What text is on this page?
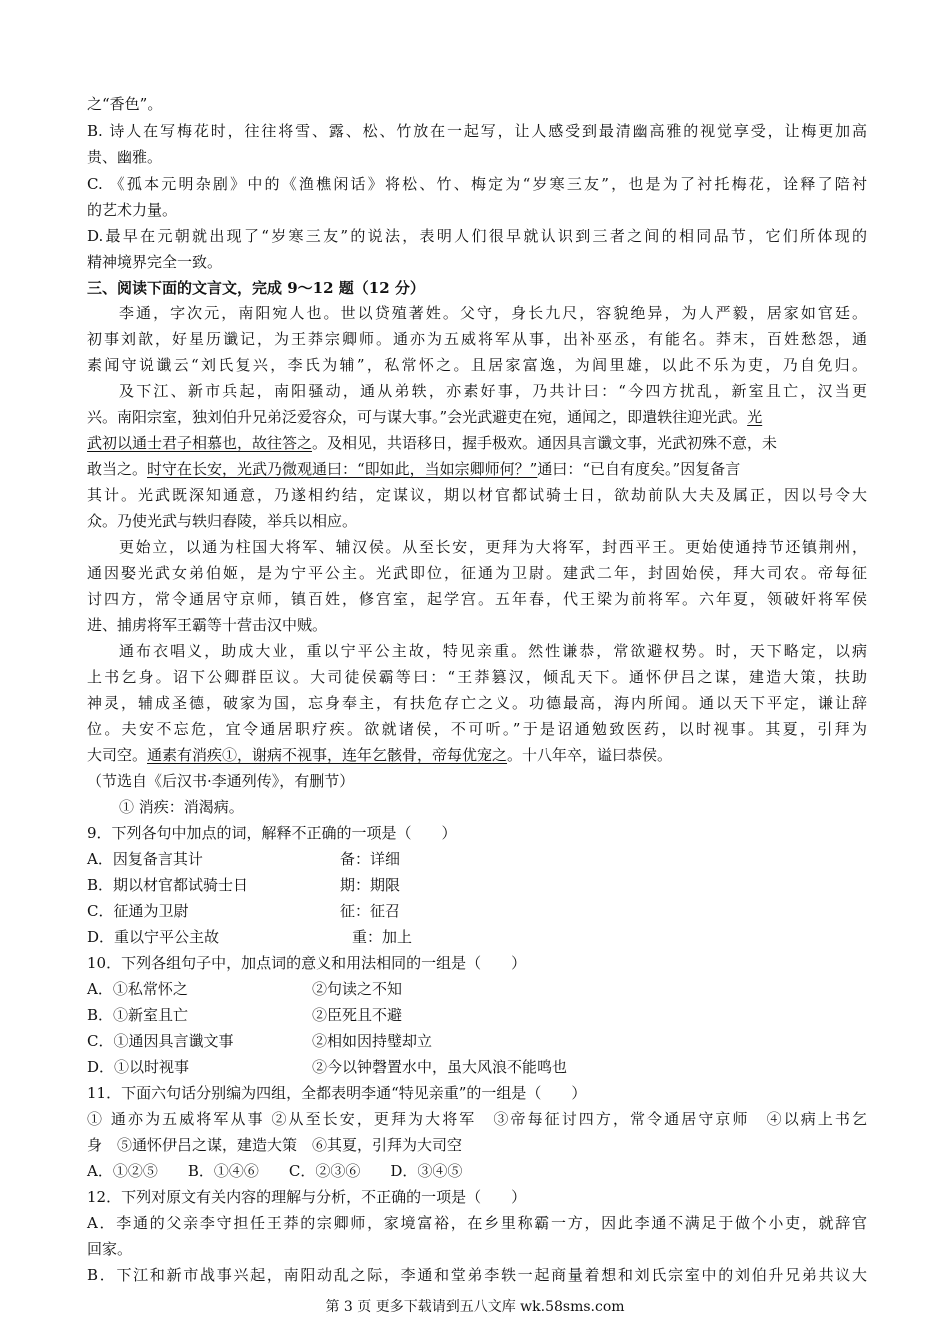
之“香色”。
B. 诗人在写梅花时，往往将雪、露、松、竹放在一起写，让人感受到最清幽高雅的视觉享受，让梅更加高
贵、幽雅。
C. 《孤本元明杂剧》中的《渔樵闲话》将松、竹、梅定为“岁寒三友”，也是为了衬托梅花，诠释了陪衬
的艺术力量。
D.最早在元朝就出现了“岁寒三友”的说法，表明人们很早就认识到三者之间的相同品节，它们所体现的
精神境界完全一致。
三、阅读下面的文言文，完成 9～12 题（12 分）
李通，字次元，南阳宛人也。世以贷殖著姓。父守，身长九尺，容貌绝异，为人严毅，居家如官廷。
初事刘歆，好星历谶记，为王莽宗卿师。通亦为五威将军从事，出补巫丞，有能名。莽末，百姓愁怨，通
素闻守说谶云“刘氏复兴，李氏为辅”，私常怀之。且居家富逸，为闾里雄，以此不乐为吏，乃自免归。
及下江、新市兵起，南阳骚动，通从弟轶，亦素好事，乃共计曰：“今四方扰乱，新室且亡，汉当更
兴。南阳宗室，独刘伯升兄弟泛爱容众，可与谋大事。”会光武避吏在宛，通闻之，即遣轶往迎光武。光
武初以通士君子相慕也，故往答之。及相见，共语移日，握手极欢。通因具言谶文事，光武初殊不意，未
敢当之。时守在长安，光武乃微观通曰：“即如此，当如宗卿师何？”通曰：“已自有度矣。”因复备言
其计。光武既深知通意，乃遂相约结，定谋议，期以材官都试骑士日，欲劫前队大夫及属正，因以号令大
众。乃使光武与轶归舂陵，举兵以相应。
更始立，以通为柱国大将军、辅汉侯。从至长安，更拜为大将军，封西平王。更始使通持节还镇荆州，
通因娶光武女弟伯姬，是为宁平公主。光武即位，征通为卫尉。建武二年，封固始侯，拜大司农。帝每征
讨四方，常令通居守京师，镇百姓，修宫室，起学宫。五年春，代王梁为前将军。六年夏，领破奸将军侯
进、捕虏将军王霸等十营击汉中贼。
通布衣唱义，助成大业，重以宁平公主故，特见亲重。然性谦恭，常欲避权势。时，天下略定，以病
上书乞身。诏下公卿群臣议。大司徒侯霸等曰：“王莽篡汉，倾乱天下。通怀伊吕之谋，建造大策，扶助
神灵，辅成圣德，破家为国，忘身奉主，有扶危存亡之义。功德最高，海内所闻。通以天下平定，谦让辞
位。夫安不忘危，宜令通居职疗疾。欲就诸侯，不可听。”于是诏通勉致医药，以时视事。其夏，引拜为
大司空。通素有消疾①，谢病不视事，连年乞骸骨，帝每优宠之。十八年卒，谥曰恭侯。
（节选自《后汉书·李通列传》，有删节）
① 消疾：消渴病。
9．下列各句中加点的词，解释不正确的一项是（　　）
A．因复备言其计	备：详细
B．期以材官都试骑士日	期：期限
C．征通为卫尉	征：征召
D．重以宁平公主故	重：加上
10．下列各组句子中，加点词的意义和用法相同的一组是（　　）
A．①私常怀之	②句读之不知
B．①新室且亡	②臣死且不避
C．①通因具言谶文事	②相如因持璧却立
D．①以时视事	②今以钟磬置水中，虽大风浪不能鸣也
11．下面六句话分别编为四组，全都表明李通“特见亲重”的一组是（　　）
① 通亦为五威将军从事 ②从至长安，更拜为大将军　③帝每征讨四方，常令通居守京师　④以病上书乞
身　⑤通怀伊吕之谋，建造大策　⑥其夏，引拜为大司空
A．①②⑤　　B．①④⑥　　C．②③⑥　　D．③④⑤
12．下列对原文有关内容的理解与分析，不正确的一项是（　　）
A．李通的父亲李守担任王莽的宗卿师，家境富裕，在乡里称霸一方，因此李通不满足于做个小吏，就辞官
回家。
B．下江和新市战事兴起，南阳动乱之际，李通和堂弟李轶一起商量着想和刘氏宗室中的刘伯升兄弟共议大
第 3 页 更多下载请到五八文库 wk.58sms.com
